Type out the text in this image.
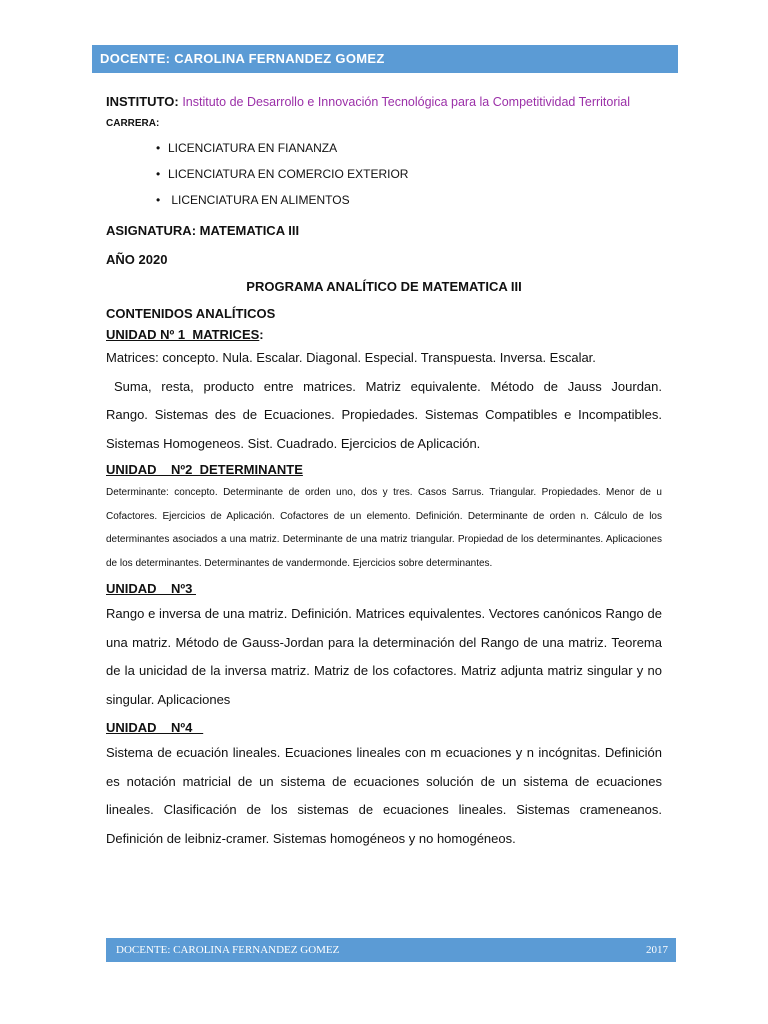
DOCENTE: CAROLINA FERNANDEZ GOMEZ
INSTITUTO: Instituto de Desarrollo e Innovación Tecnológica para la Competitividad Territorial
CARRERA:
• LICENCIATURA EN FIANANZA
• LICENCIATURA EN COMERCIO EXTERIOR
• LICENCIATURA EN ALIMENTOS
ASIGNATURA: MATEMATICA III
AÑO 2020
PROGRAMA ANALÍTICO DE MATEMATICA III
CONTENIDOS ANALÍTICOS
UNIDAD Nº 1  MATRICES:
Matrices: concepto. Nula. Escalar. Diagonal. Especial. Transpuesta. Inversa. Escalar.
Suma, resta, producto entre matrices. Matriz equivalente. Método de Jauss Jourdan.
Rango. Sistemas des de Ecuaciones. Propiedades. Sistemas Compatibles e Incompatibles.
Sistemas Homogeneos. Sist. Cuadrado. Ejercicios de Aplicación.
UNIDAD    Nº2  DETERMINANTE
Determinante: concepto. Determinante de orden uno, dos y tres. Casos Sarrus. Triangular. Propiedades. Menor de u Cofactores. Ejercicios de Aplicación. Cofactores de un elemento. Definición. Determinante de orden n. Cálculo de los determinantes asociados a una matriz. Determinante de una matriz triangular. Propiedad de los determinantes. Aplicaciones de los determinantes. Determinantes de vandermonde. Ejercicios sobre determinantes.
UNIDAD    Nº3
Rango e inversa de una matriz. Definición. Matrices equivalentes. Vectores canónicos Rango de una matriz. Método de Gauss-Jordan para la determinación del Rango de una matriz. Teorema de la unicidad de la inversa matriz. Matriz de los cofactores. Matriz adjunta matriz singular y no singular. Aplicaciones
UNIDAD    Nº4
Sistema de ecuación lineales. Ecuaciones lineales con m ecuaciones y n incógnitas. Definición es notación matricial de un sistema de ecuaciones solución de un sistema de ecuaciones lineales. Clasificación de los sistemas de ecuaciones lineales. Sistemas crameneanos. Definición de leibniz-cramer. Sistemas homogéneos y no homogéneos.
DOCENTE: CAROLINA FERNANDEZ GOMEZ	2017
